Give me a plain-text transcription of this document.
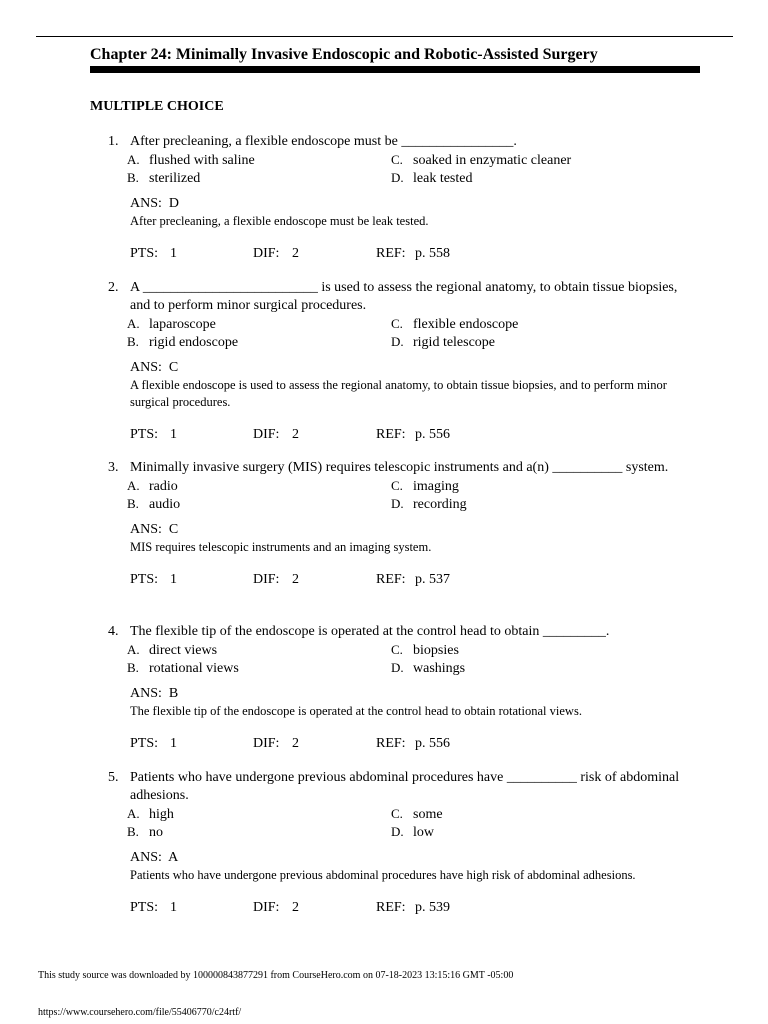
Chapter 24: Minimally Invasive Endoscopic and Robotic-Assisted Surgery
MULTIPLE CHOICE
1. After precleaning, a flexible endoscope must be ________________.
A. flushed with saline
B. sterilized
C. soaked in enzymatic cleaner
D. leak tested
ANS: D
After precleaning, a flexible endoscope must be leak tested.
PTS: 1	DIF: 2	REF: p. 558
2. A _________________________ is used to assess the regional anatomy, to obtain tissue biopsies, and to perform minor surgical procedures.
A. laparoscope
B. rigid endoscope
C. flexible endoscope
D. rigid telescope
ANS: C
A flexible endoscope is used to assess the regional anatomy, to obtain tissue biopsies, and to perform minor surgical procedures.
PTS: 1	DIF: 2	REF: p. 556
3. Minimally invasive surgery (MIS) requires telescopic instruments and a(n) __________ system.
A. radio
B. audio
C. imaging
D. recording
ANS: C
MIS requires telescopic instruments and an imaging system.
PTS: 1	DIF: 2	REF: p. 537
4. The flexible tip of the endoscope is operated at the control head to obtain _________.
A. direct views
B. rotational views
C. biopsies
D. washings
ANS: B
The flexible tip of the endoscope is operated at the control head to obtain rotational views.
PTS: 1	DIF: 2	REF: p. 556
5. Patients who have undergone previous abdominal procedures have __________ risk of abdominal adhesions.
A. high
B. no
C. some
D. low
ANS: A
Patients who have undergone previous abdominal procedures have high risk of abdominal adhesions.
PTS: 1	DIF: 2	REF: p. 539
This study source was downloaded by 100000843877291 from CourseHero.com on 07-18-2023 13:15:16 GMT -05:00
https://www.coursehero.com/file/55406770/c24rtf/
